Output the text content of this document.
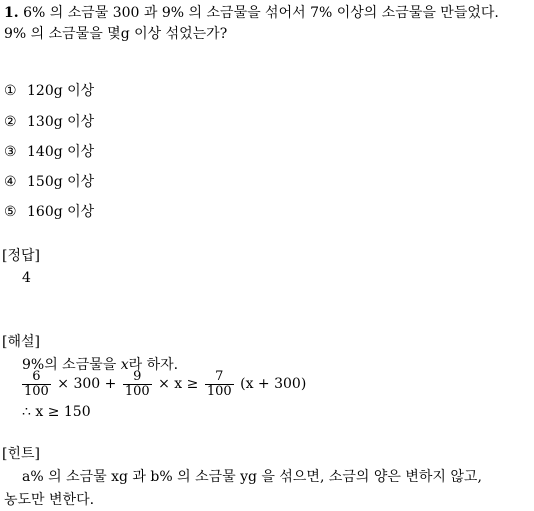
1. 6% 의 소금물 300 과 9% 의 소금물을 섞어서 7% 이상의 소금물을 만들었다.
9% 의 소금물을 몇g 이상 섞었는가?
① 120g 이상
② 130g 이상
③ 140g 이상
④ 150g 이상
⑤ 160g 이상
[정답]
4
[해설]
9%의 소금물을 x라 하자.
$\frac{6}{100} \times 300 + \frac{9}{100} \times x \ge \frac{7}{100} (x + 300)$
∴ x ≥ 150
[힌트]
a% 의 소금물 xg 과 b% 의 소금물 yg 을 섞으면, 소금의 양은 변하지 않고,
농도만 변한다.
